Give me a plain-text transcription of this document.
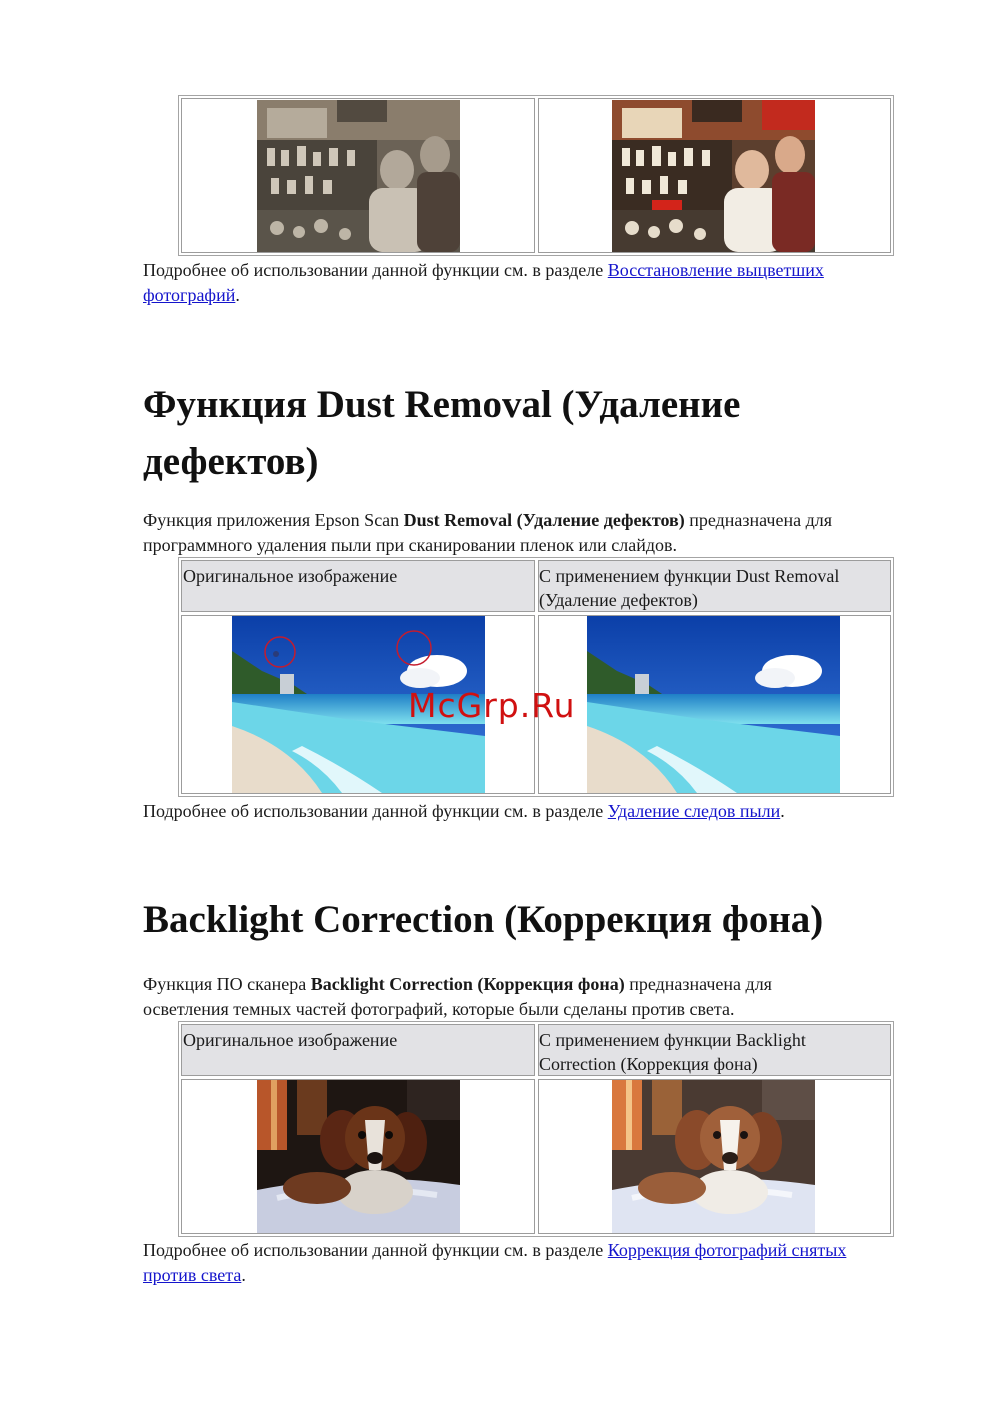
Подробнее об использовании данной функции см. в разделе Восстановление выцветших
фотографий.
Функция Dust Removal (Удаление
дефектов)
Функция приложения Epson Scan Dust Removal (Удаление дефектов) предназначена для
программного удаления пыли при сканировании пленок или слайдов.
Оригинальное изображение	С применением функции Dust Removal
(Удаление дефектов)
McGrp.Ru
Подробнее об использовании данной функции см. в разделе Удаление следов пыли.
Backlight Correction (Коррекция фона)
Функция ПО сканера Backlight Correction (Коррекция фона) предназначена для
осветления темных частей фотографий, которые были сделаны против света.
Оригинальное изображение	С применением функции Backlight
Correction (Коррекция фона)
Подробнее об использовании данной функции см. в разделе Коррекция фотографий снятых
против света.
